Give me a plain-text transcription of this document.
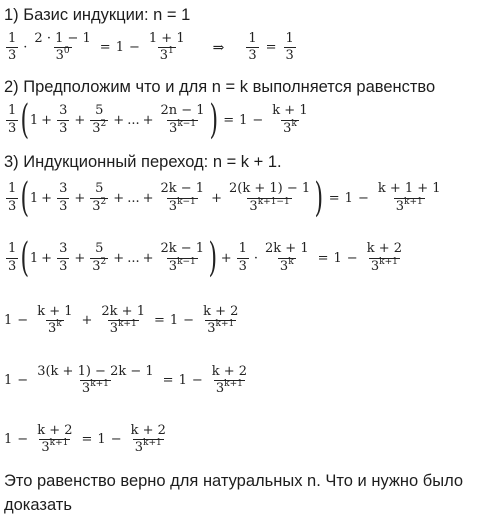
1) Базис индукции: n = 1
$\frac{1}{3} \cdot \frac{2 \cdot 1 - 1}{3^0} = 1 - \frac{1 + 1}{3^1}$ ⇒ $\frac{1}{3} = \frac{1}{3}$
2) Предположим что и для n = k выполняется равенство
$\frac{1}{3}$ ( $1 + \frac{3}{3} + \frac{5}{3^2}$ + ... + $\frac{2n - 1}{3^{k-1}}$ ) = $1 - \frac{k + 1}{3^k}$
3) Индукционный переход: n = k + 1.
$\frac{1}{3}$ ( $1 + \frac{3}{3} + \frac{5}{3^2}$ + ... + $\frac{2k - 1}{3^{k-1}} + \frac{2(k + 1) - 1}{3^{k+1-1}}$ ) = $1 - \frac{k + 1 + 1}{3^{k+1}}$
$\frac{1}{3}$ ( $1 + \frac{3}{3} + \frac{5}{3^2}$ + ... + $\frac{2k - 1}{3^{k-1}}$ ) + $\frac{1}{3} \cdot \frac{2k + 1}{3^k} = 1 - \frac{k + 2}{3^{k+1}}$
$1 - \frac{k + 1}{3^k} + \frac{2k + 1}{3^{k+1}} = 1 - \frac{k + 2}{3^{k+1}}$
$1 - \frac{3(k + 1) - 2k - 1}{3^{k+1}} = 1 - \frac{k + 2}{3^{k+1}}$
$1 - \frac{k + 2}{3^{k+1}} = 1 - \frac{k + 2}{3^{k+1}}$
Это равенство верно для натуральных n. Что и нужно было
доказать
